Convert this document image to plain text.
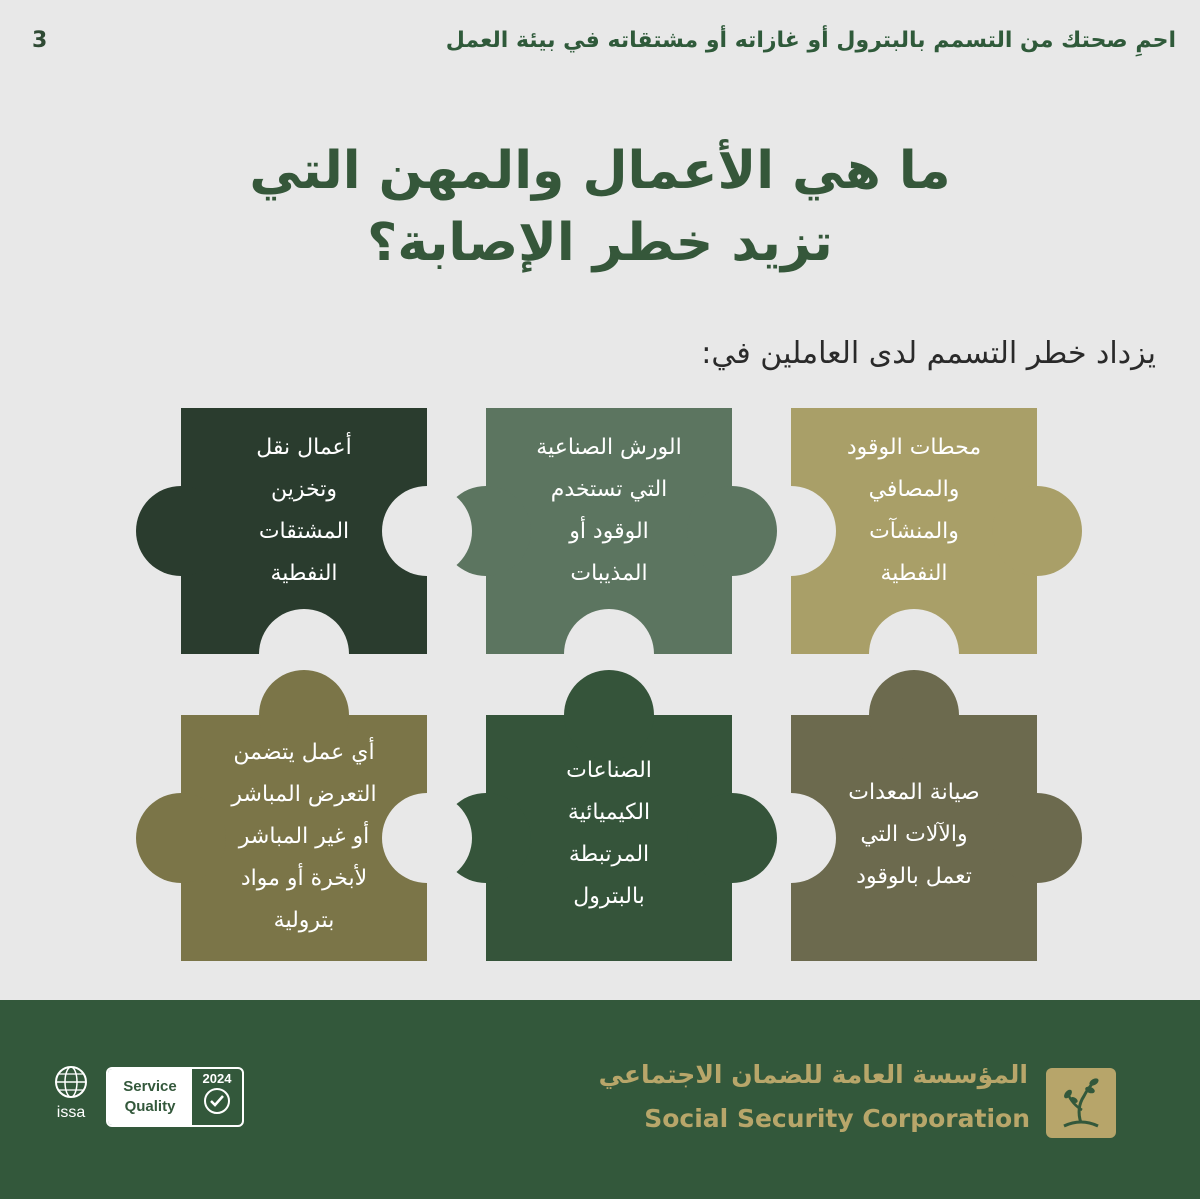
3	احمِ صحتك من التسمم بالبترول أو غازاته أو مشتقاته في بيئة العمل
ما هي الأعمال والمهن التي
تزيد خطر الإصابة؟
يزداد خطر التسمم لدى العاملين في:
محطات الوقود
والمصافي
والمنشآت
النفطية
الورش الصناعية
التي تستخدم
الوقود أو
المذيبات
أعمال نقل
وتخزين
المشتقات
النفطية
صيانة المعدات
والآلات التي
تعمل بالوقود
الصناعات
الكيميائية
المرتبطة
بالبترول
أي عمل يتضمن
التعرض المباشر
أو غير المباشر
لأبخرة أو مواد
بترولية
issa
Service
Quality
2024	المؤسسة العامة للضمان الاجتماعي
Social Security Corporation
